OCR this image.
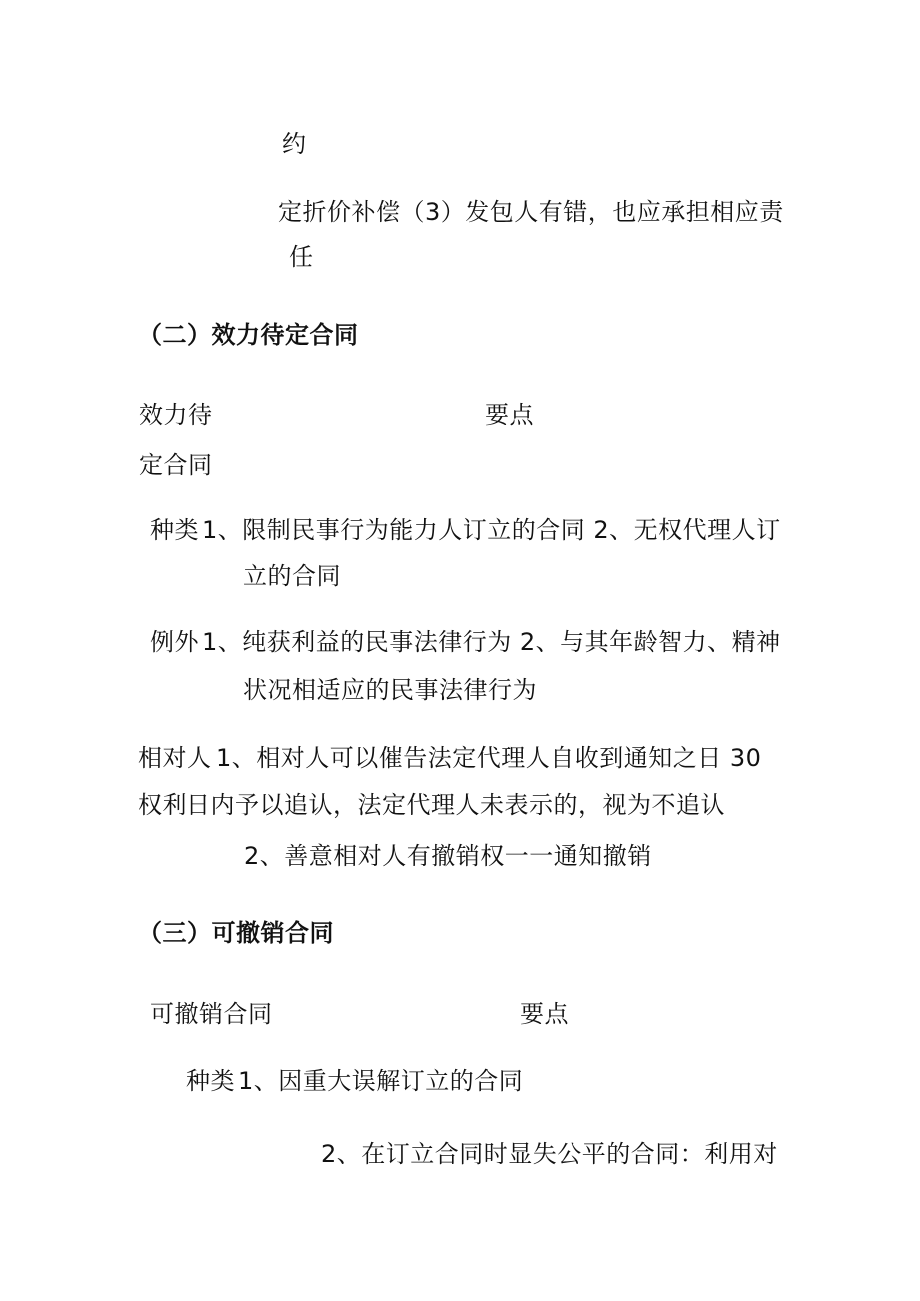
约
定折价补偿（3）发包人有错，也应承担相应责
任
（二）效力待定合同
效力待	要点
定合同
种类 1、限制民事行为能力人订立的合同 2、无权代理人订
立的合同
例外 1、纯获利益的民事法律行为 2、与其年龄智力、精神
状况相适应的民事法律行为
相对人 1、相对人可以催告法定代理人自收到通知之日 30
权利 日内予以追认，法定代理人未表示的，视为不追认
2、善意相对人有撤销权一一通知撤销
（三）可撤销合同
可撤销合同	要点
种类 1、因重大误解订立的合同
2、在订立合同时显失公平的合同：利用对
